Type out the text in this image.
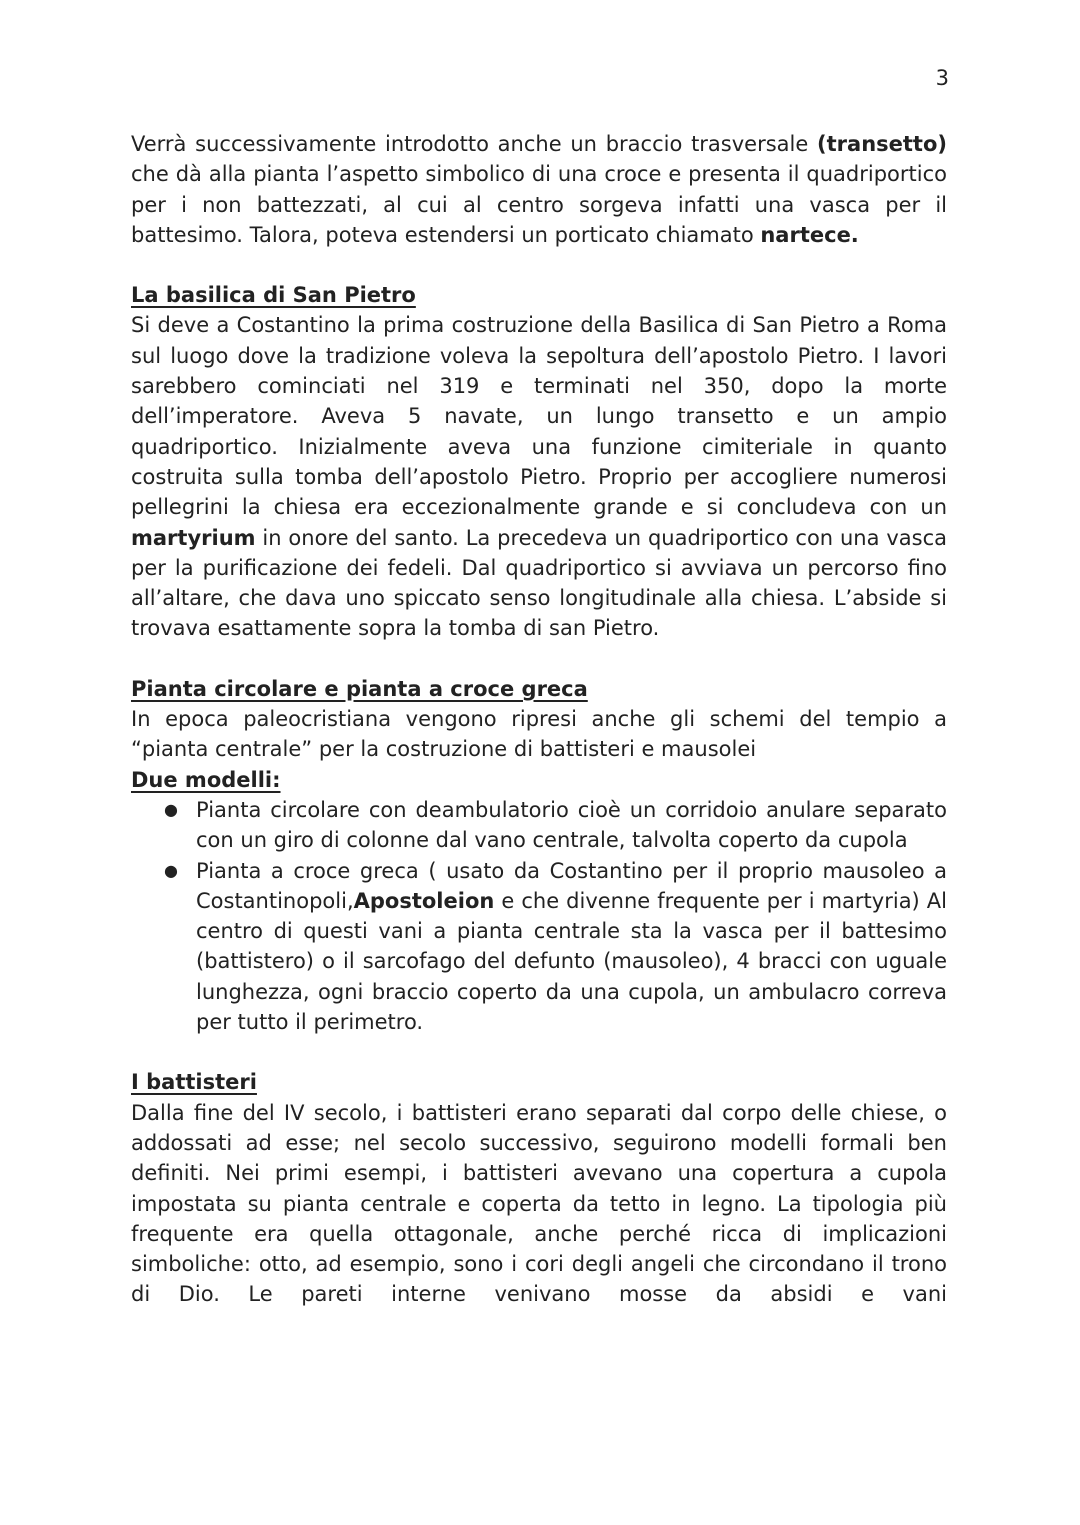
3

Verrà successivamente introdotto anche un braccio trasversale (transetto) che dà alla pianta l’aspetto simbolico di una croce e presenta il quadriportico per i non battezzati, al cui al centro sorgeva infatti una vasca per il battesimo. Talora, poteva estendersi un porticato chiamato nartece.

La basilica di San Pietro

Si deve a Costantino la prima costruzione della Basilica di San Pietro a Roma sul luogo dove la tradizione voleva la sepoltura dell’apostolo Pietro. I lavori sarebbero cominciati nel 319 e terminati nel 350, dopo la morte dell’imperatore. Aveva 5 navate, un lungo transetto e un ampio quadriportico. Inizialmente aveva una funzione cimiteriale in quanto costruita sulla tomba dell’apostolo Pietro. Proprio per accogliere numerosi pellegrini la chiesa era eccezionalmente grande e si concludeva con un martyrium in onore del santo. La precedeva un quadriportico con una vasca per la purificazione dei fedeli. Dal quadriportico si avviava un percorso fino all’altare, che dava uno spiccato senso longitudinale alla chiesa. L’abside si trovava esattamente sopra la tomba di san Pietro.

Pianta circolare e pianta a croce greca

In epoca paleocristiana vengono ripresi anche gli schemi del tempio a “pianta centrale” per la costruzione di battisteri e mausolei

Due modelli:
● Pianta circolare con deambulatorio cioè un corridoio anulare separato con un giro di colonne dal vano centrale, talvolta coperto da cupola
● Pianta a croce greca ( usato da Costantino per il proprio mausoleo a Costantinopoli,Apostoleion e che divenne frequente per i martyria) Al centro di questi vani a pianta centrale sta la vasca per il battesimo (battistero) o il sarcofago del defunto (mausoleo), 4 bracci con uguale lunghezza, ogni braccio coperto da una cupola, un ambulacro correva per tutto il perimetro.
I battisteri

Dalla fine del IV secolo, i battisteri erano separati dal corpo delle chiese, o addossati ad esse; nel secolo successivo, seguirono modelli formali ben definiti. Nei primi esempi, i battisteri avevano una copertura a cupola impostata su pianta centrale e coperta da tetto in legno. La tipologia più frequente era quella ottagonale, anche perché ricca di implicazioni simboliche: otto, ad esempio, sono i cori degli angeli che circondano il trono di Dio. Le pareti interne venivano mosse da absidi e vani
